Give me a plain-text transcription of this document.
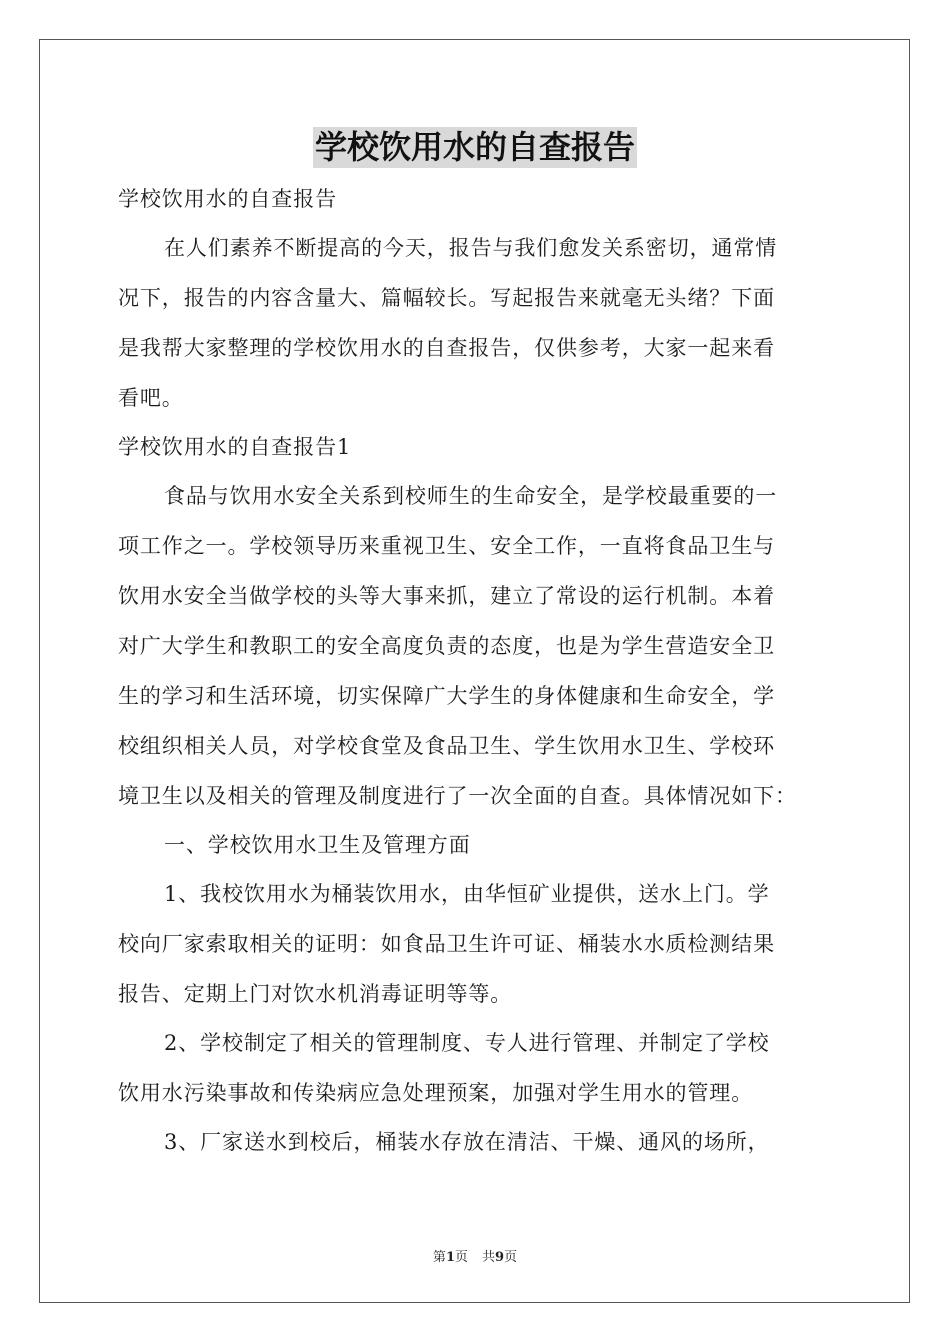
学校饮用水的自查报告

学校饮用水的自查报告

在人们素养不断提高的今天，报告与我们愈发关系密切，通常情

况下，报告的内容含量大、篇幅较长。写起报告来就毫无头绪？下面

是我帮大家整理的学校饮用水的自查报告，仅供参考，大家一起来看

看吧。

学校饮用水的自查报告1

食品与饮用水安全关系到校师生的生命安全，是学校最重要的一

项工作之一。学校领导历来重视卫生、安全工作，一直将食品卫生与

饮用水安全当做学校的头等大事来抓，建立了常设的运行机制。本着

对广大学生和教职工的安全高度负责的态度，也是为学生营造安全卫

生的学习和生活环境，切实保障广大学生的身体健康和生命安全，学

校组织相关人员，对学校食堂及食品卫生、学生饮用水卫生、学校环

境卫生以及相关的管理及制度进行了一次全面的自查。具体情况如下：

一、学校饮用水卫生及管理方面

1、我校饮用水为桶装饮用水，由华恒矿业提供，送水上门。学

校向厂家索取相关的证明：如食品卫生许可证、桶装水水质检测结果

报告、定期上门对饮水机消毒证明等等。

2、学校制定了相关的管理制度、专人进行管理、并制定了学校

饮用水污染事故和传染病应急处理预案，加强对学生用水的管理。

3、厂家送水到校后，桶装水存放在清洁、干燥、通风的场所，

第1页 共9页
